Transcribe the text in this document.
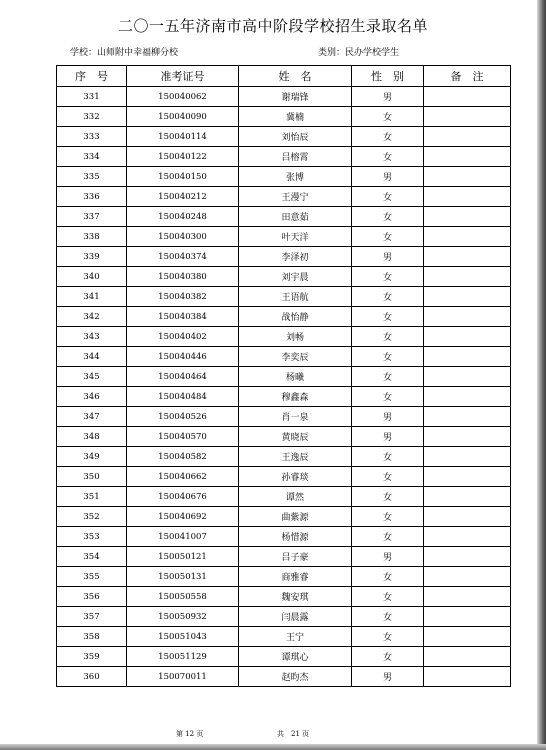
二〇一五年济南市高中阶段学校招生录取名单
学校：山师附中幸福柳分校	类别：民办学校学生
序　号	准考证号	姓　名	性　别	备　注
331	150040062	谢瑞锋	男	
332	150040090	冀楠	女	
333	150040114	刘怡辰	女	
334	150040122	吕榕霄	女	
335	150040150	张博	男	
336	150040212	王漫宁	女	
337	150040248	田意茹	女	
338	150040300	叶天洋	女	
339	150040374	李泽初	男	
340	150040380	刘宇晨	女	
341	150040382	王语航	女	
342	150040384	战怡静	女	
343	150040402	刘畅	女	
344	150040446	李奕辰	女	
345	150040464	杨曦	女	
346	150040484	穆鑫森	女	
347	150040526	肖一泉	男	
348	150040570	黄晓辰	男	
349	150040582	王逸辰	女	
350	150040662	孙睿琰	女	
351	150040676	谭然	女	
352	150040692	曲紫源	女	
353	150041007	杨惜源	女	
354	150050121	吕子豪	男	
355	150050131	商雅睿	女	
356	150050558	魏安琪	女	
357	150050932	闫晨露	女	
358	150051043	王宁	女	
359	150051129	谭琪心	女	
360	150070011	赵昀杰	男	
第 12 页	共　21 页
